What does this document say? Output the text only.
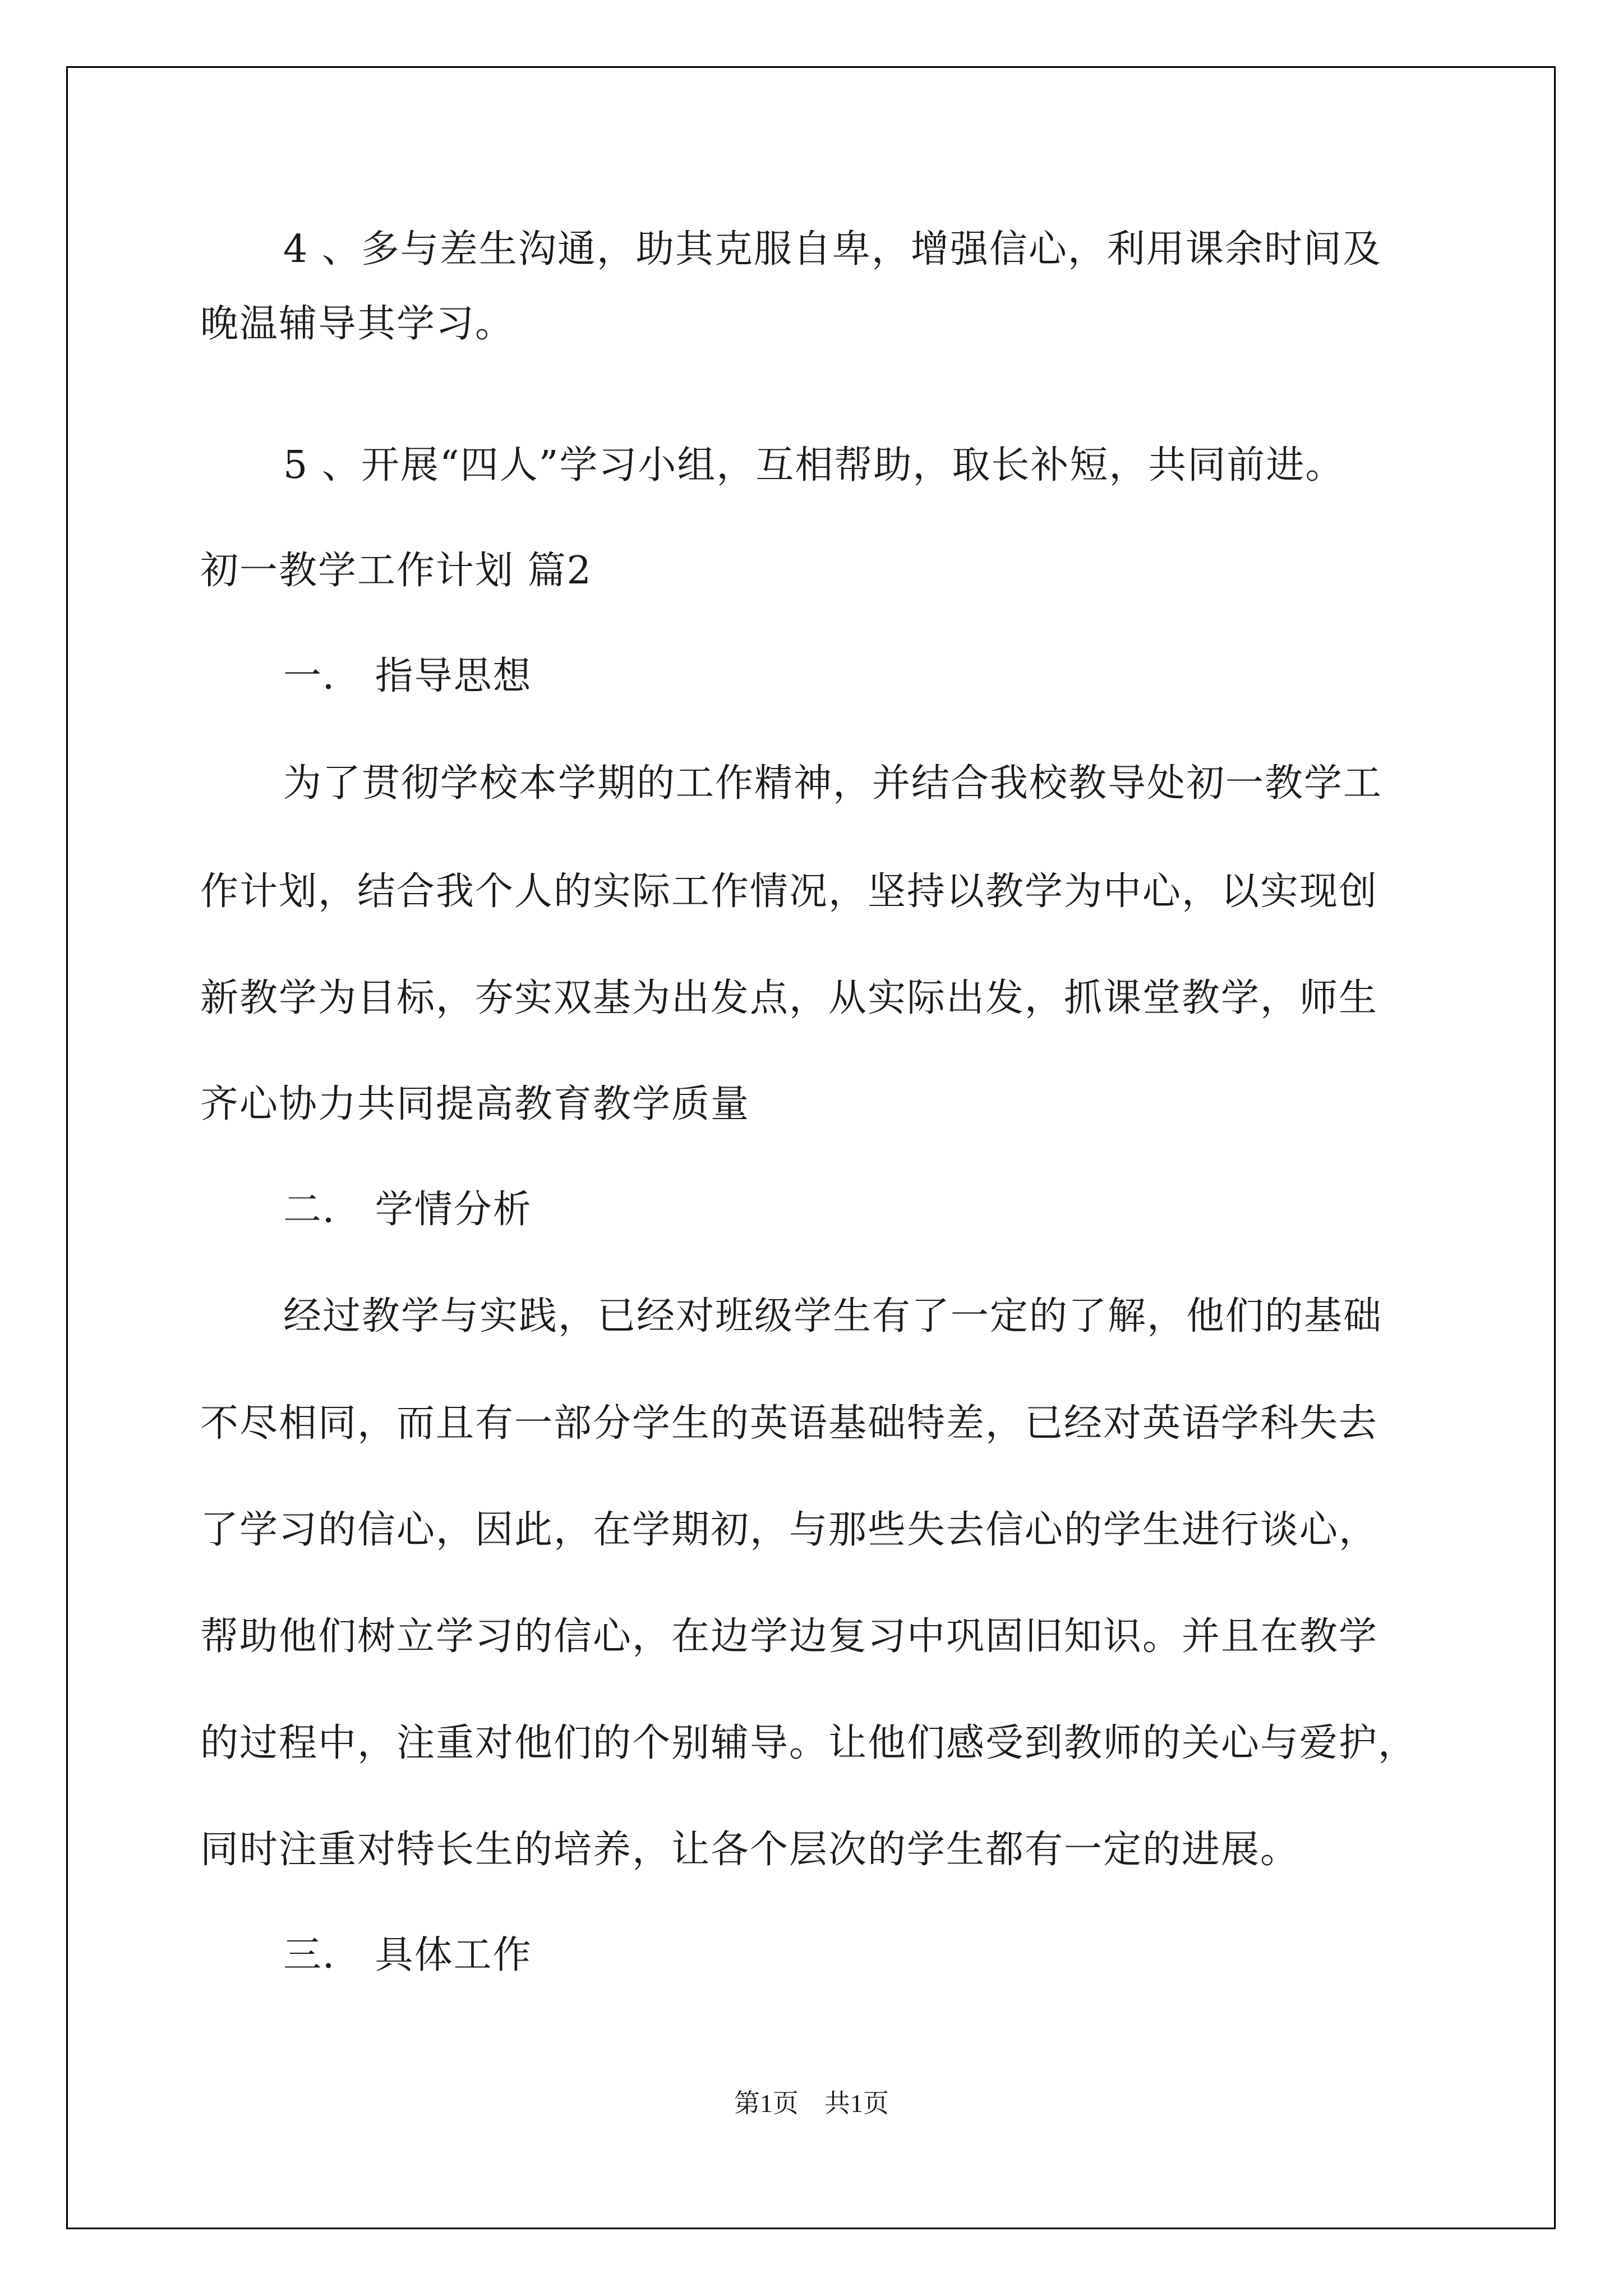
4 、多与差生沟通，助其克服自卑，增强信心，利用课余时间及
晚温辅导其学习。
5 、开展“四人”学习小组，互相帮助，取长补短，共同前进。
初一教学工作计划 篇2
一． 指导思想
为了贯彻学校本学期的工作精神，并结合我校教导处初一教学工
作计划，结合我个人的实际工作情况，坚持以教学为中心，以实现创
新教学为目标，夯实双基为出发点，从实际出发，抓课堂教学，师生
齐心协力共同提高教育教学质量
二． 学情分析
经过教学与实践，已经对班级学生有了一定的了解，他们的基础
不尽相同，而且有一部分学生的英语基础特差，已经对英语学科失去
了学习的信心，因此，在学期初，与那些失去信心的学生进行谈心，
帮助他们树立学习的信心，在边学边复习中巩固旧知识。并且在教学
的过程中，注重对他们的个别辅导。让他们感受到教师的关心与爱护，
同时注重对特长生的培养，让各个层次的学生都有一定的进展。
三． 具体工作
第1页　共1页
